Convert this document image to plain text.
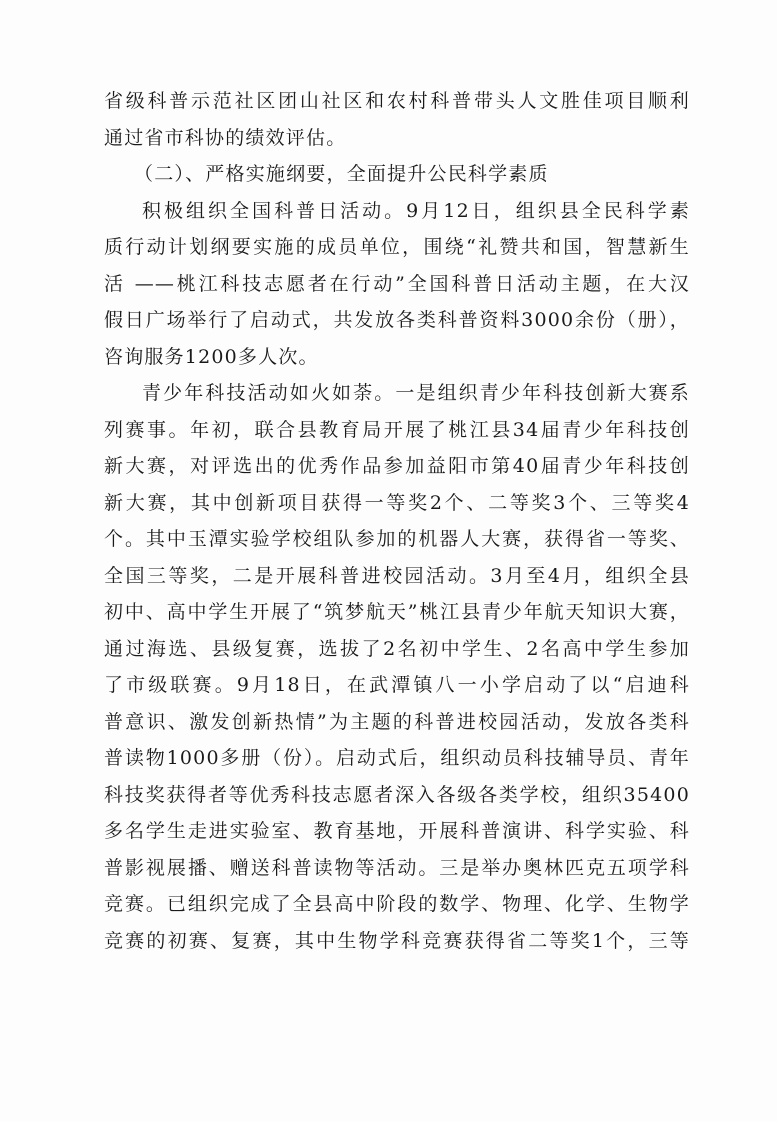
省级科普示范社区团山社区和农村科普带头人文胜佳项目顺利
通过省市科协的绩效评估。
（二）、严格实施纲要，全面提升公民科学素质
积极组织全国科普日活动。9月12日，组织县全民科学素
质行动计划纲要实施的成员单位，围绕“礼赞共和国，智慧新生
活 ——桃江科技志愿者在行动”全国科普日活动主题，在大汉
假日广场举行了启动式，共发放各类科普资料3000余份（册），
咨询服务1200多人次。
青少年科技活动如火如荼。一是组织青少年科技创新大赛系
列赛事。年初，联合县教育局开展了桃江县34届青少年科技创
新大赛，对评选出的优秀作品参加益阳市第40届青少年科技创
新大赛，其中创新项目获得一等奖2个、二等奖3个、三等奖4
个。其中玉潭实验学校组队参加的机器人大赛，获得省一等奖、
全国三等奖，二是开展科普进校园活动。3月至4月，组织全县
初中、高中学生开展了“筑梦航天”桃江县青少年航天知识大赛，
通过海选、县级复赛，选拔了2名初中学生、2名高中学生参加
了市级联赛。9月18日，在武潭镇八一小学启动了以“启迪科
普意识、激发创新热情”为主题的科普进校园活动，发放各类科
普读物1000多册（份）。启动式后，组织动员科技辅导员、青年
科技奖获得者等优秀科技志愿者深入各级各类学校，组织35400
多名学生走进实验室、教育基地，开展科普演讲、科学实验、科
普影视展播、赠送科普读物等活动。三是举办奥林匹克五项学科
竞赛。已组织完成了全县高中阶段的数学、物理、化学、生物学
竞赛的初赛、复赛，其中生物学科竞赛获得省二等奖1个，三等
